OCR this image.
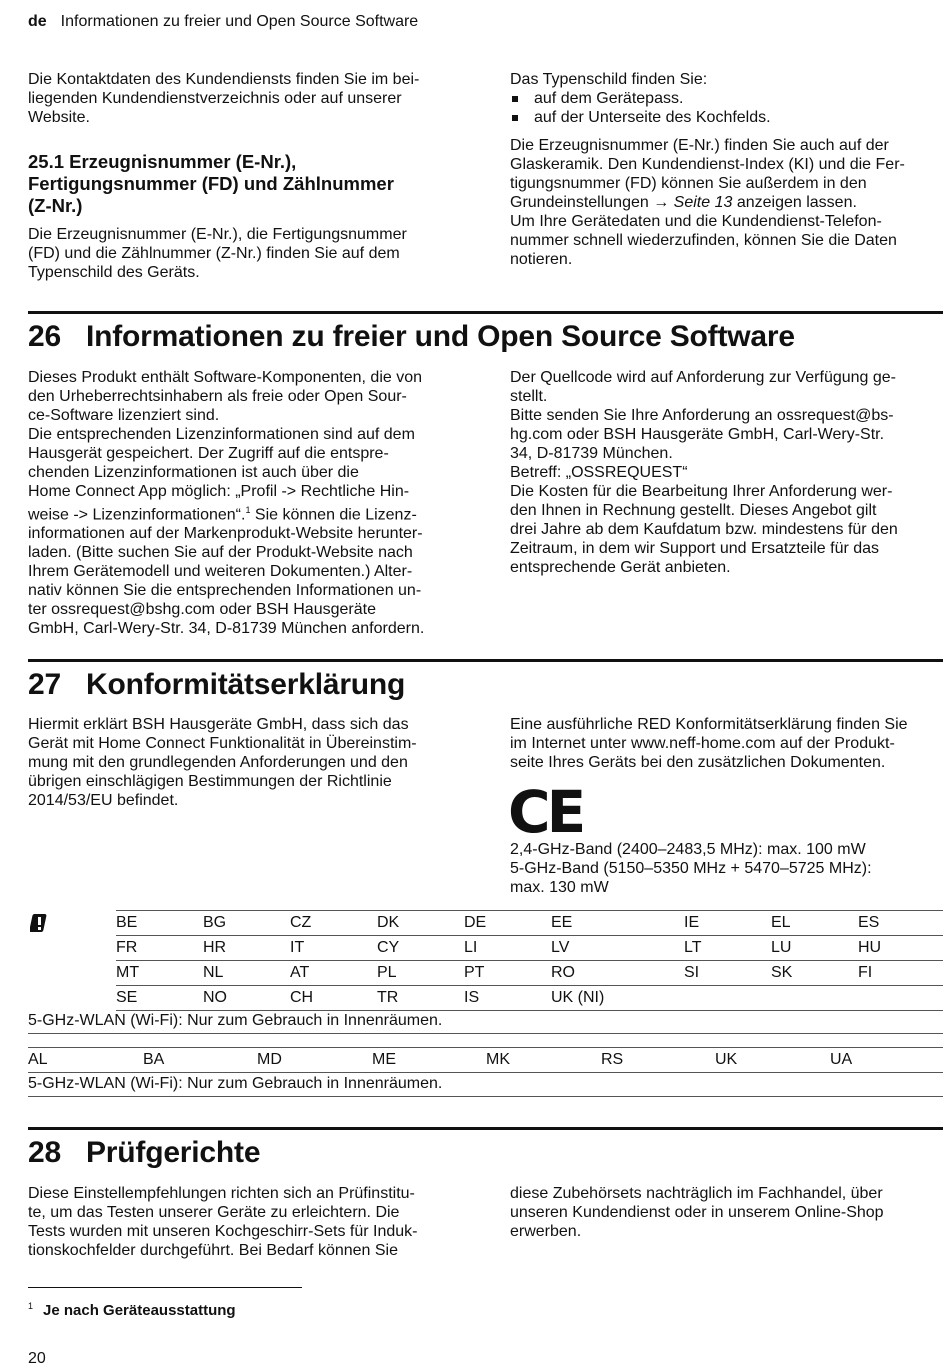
de Informationen zu freier und Open Source Software
Die Kontaktdaten des Kundendiensts finden Sie im bei-
liegenden Kundendienstverzeichnis oder auf unserer
Website.
25.1 Erzeugnisnummer (E-Nr.),
Fertigungsnummer (FD) und Zählnummer
(Z-Nr.)
Die Erzeugnisnummer (E-Nr.), die Fertigungsnummer
(FD) und die Zählnummer (Z-Nr.) finden Sie auf dem
Typenschild des Geräts.

Das Typenschild finden Sie:

auf dem Gerätepass.
auf der Unterseite des Kochfelds.

Die Erzeugnisnummer (E-Nr.) finden Sie auch auf der
Glaskeramik. Den Kundendienst-Index (KI) und die Fer-
tigungsnummer (FD) können Sie außerdem in den
Grundeinstellungen → Seite 13 anzeigen lassen.

Um Ihre Gerätedaten und die Kundendienst-Telefon-
nummer schnell wiederzufinden, können Sie die Daten
notieren.

26 Informationen zu freier und Open Source Software
Dieses Produkt enthält Software-Komponenten, die von
den Urheberrechtsinhabern als freie oder Open Sour-
ce-Software lizenziert sind.
Die entsprechenden Lizenzinformationen sind auf dem
Hausgerät gespeichert. Der Zugriff auf die entspre-
chenden Lizenzinformationen ist auch über die
Home Connect App möglich: „Profil -> Rechtliche Hin-
weise -> Lizenzinformationen“.$^1$ Sie können die Lizenz-
informationen auf der Markenprodukt-Website herunter-
laden. (Bitte suchen Sie auf der Produkt-Website nach
Ihrem Gerätemodell und weiteren Dokumenten.) Alter-
nativ können Sie die entsprechenden Informationen un-
ter ossrequest@bshg.com oder BSH Hausgeräte
GmbH, Carl-Wery-Str. 34, D-81739 München anfordern.
Der Quellcode wird auf Anforderung zur Verfügung ge-
stellt.
Bitte senden Sie Ihre Anforderung an ossrequest@bs-
hg.com oder BSH Hausgeräte GmbH, Carl-Wery-Str.
34, D-81739 München.
Betreff: „OSSREQUEST“
Die Kosten für die Bearbeitung Ihrer Anforderung wer-
den Ihnen in Rechnung gestellt. Dieses Angebot gilt
drei Jahre ab dem Kaufdatum bzw. mindestens für den
Zeitraum, in dem wir Support und Ersatzteile für das
entsprechende Gerät anbieten.
27 Konformitätserklärung
Hiermit erklärt BSH Hausgeräte GmbH, dass sich das
Gerät mit Home Connect Funktionalität in Übereinstim-
mung mit den grundlegenden Anforderungen und den
übrigen einschlägigen Bestimmungen der Richtlinie
2014/53/EU befindet.
Eine ausführliche RED Konformitätserklärung finden Sie
im Internet unter www.neff-home.com auf der Produkt-
seite Ihres Geräts bei den zusätzlichen Dokumenten.
CE
2,4-GHz-Band (2400–2483,5 MHz): max. 100 mW
5-GHz-Band (5150–5350 MHz + 5470–5725 MHz):
max. 130 mW
BE	BG	CZ	DK	DE	EE	IE	EL	ES
FR	HR	IT	CY	LI	LV	LT	LU	HU
MT	NL	AT	PL	PT	RO	SI	SK	FI
SE	NO	CH	TR	IS	UK (NI)			
5-GHz-WLAN (Wi-Fi): Nur zum Gebrauch in Innenräumen.
AL	BA	MD	ME	MK	RS	UK	UA
5-GHz-WLAN (Wi-Fi): Nur zum Gebrauch in Innenräumen.
28 Prüfgerichte
Diese Einstellempfehlungen richten sich an Prüfinstitu-
te, um das Testen unserer Geräte zu erleichtern. Die
Tests wurden mit unseren Kochgeschirr-Sets für Induk-
tionskochfelder durchgeführt. Bei Bedarf können Sie
diese Zubehörsets nachträglich im Fachhandel, über
unseren Kundendienst oder in unserem Online-Shop
erwerben.
$^1$ Je nach Geräteausstattung
20
